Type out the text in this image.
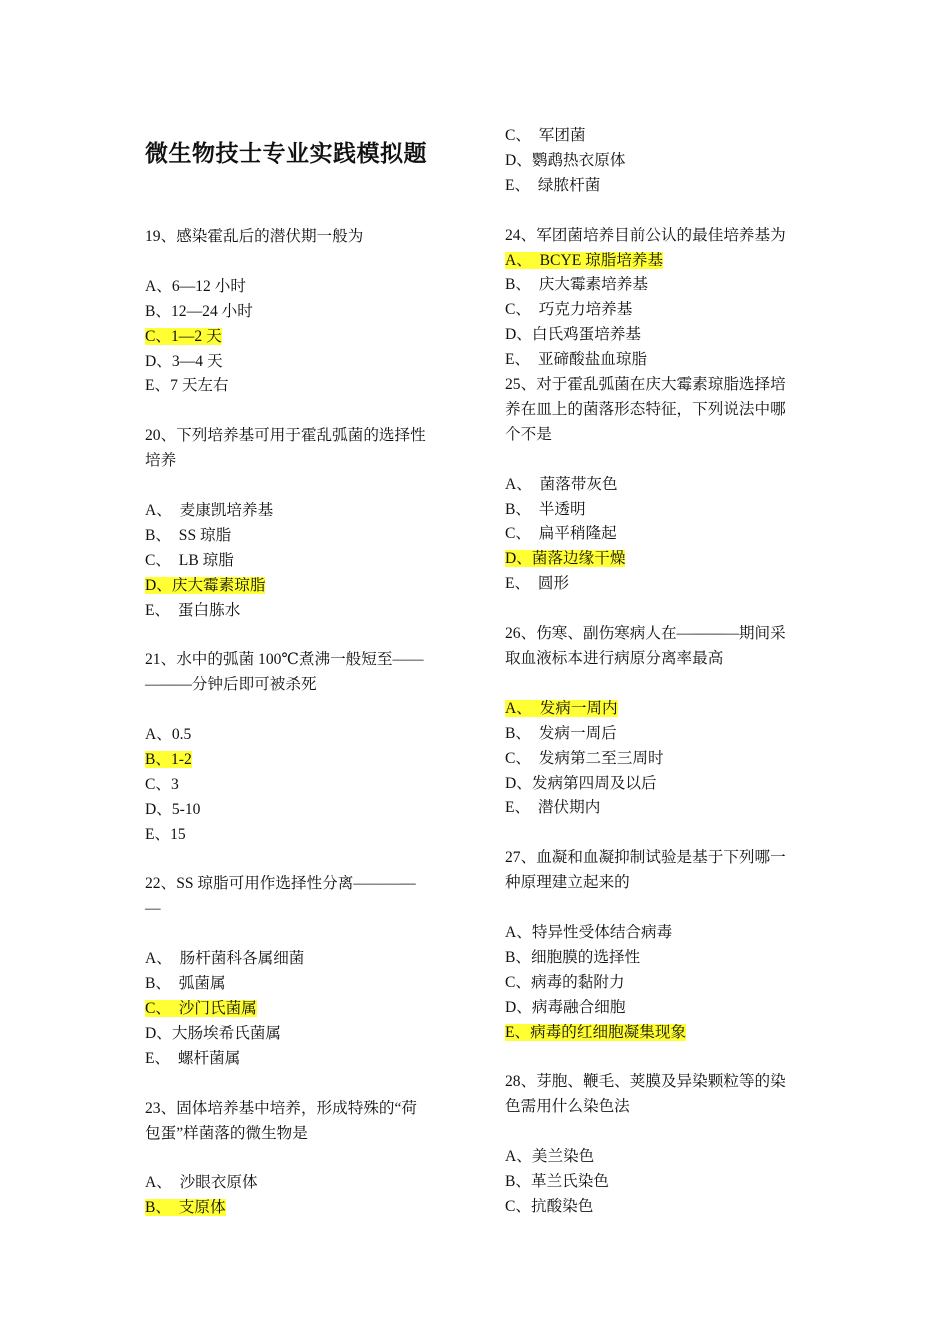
微生物技士专业实践模拟题
19、感染霍乱后的潜伏期一般为
A、6—12 小时
B、12—24 小时
C、1—2 天
D、3—4 天
E、7 天左右
20、下列培养基可用于霍乱弧菌的选择性
培养
A、  麦康凯培养基
B、  SS 琼脂
C、  LB 琼脂
D、庆大霉素琼脂
E、  蛋白胨水
21、水中的弧菌 100℃煮沸一般短至——
———分钟后即可被杀死
A、0.5
B、1-2
C、3
D、5-10
E、15
22、SS 琼脂可用作选择性分离————
—
A、  肠杆菌科各属细菌
B、  弧菌属
C、  沙门氏菌属
D、大肠埃希氏菌属
E、  螺杆菌属
23、固体培养基中培养，形成特殊的“荷
包蛋”样菌落的微生物是
A、  沙眼衣原体
B、  支原体
C、  军团菌
D、鹦鹉热衣原体
E、  绿脓杆菌
24、军团菌培养目前公认的最佳培养基为
A、  BCYE 琼脂培养基
B、  庆大霉素培养基
C、  巧克力培养基
D、白氏鸡蛋培养基
E、  亚碲酸盐血琼脂
25、对于霍乱弧菌在庆大霉素琼脂选择培
养在皿上的菌落形态特征，下列说法中哪
个不是
A、  菌落带灰色
B、  半透明
C、  扁平稍隆起
D、菌落边缘干燥
E、  圆形
26、伤寒、副伤寒病人在————期间采
取血液标本进行病原分离率最高
A、  发病一周内
B、  发病一周后
C、  发病第二至三周时
D、发病第四周及以后
E、  潜伏期内
27、血凝和血凝抑制试验是基于下列哪一
种原理建立起来的
A、特异性受体结合病毒
B、细胞膜的选择性
C、病毒的黏附力
D、病毒融合细胞
E、病毒的红细胞凝集现象
28、芽胞、鞭毛、荚膜及异染颗粒等的染
色需用什么染色法
A、美兰染色
B、革兰氏染色
C、抗酸染色
